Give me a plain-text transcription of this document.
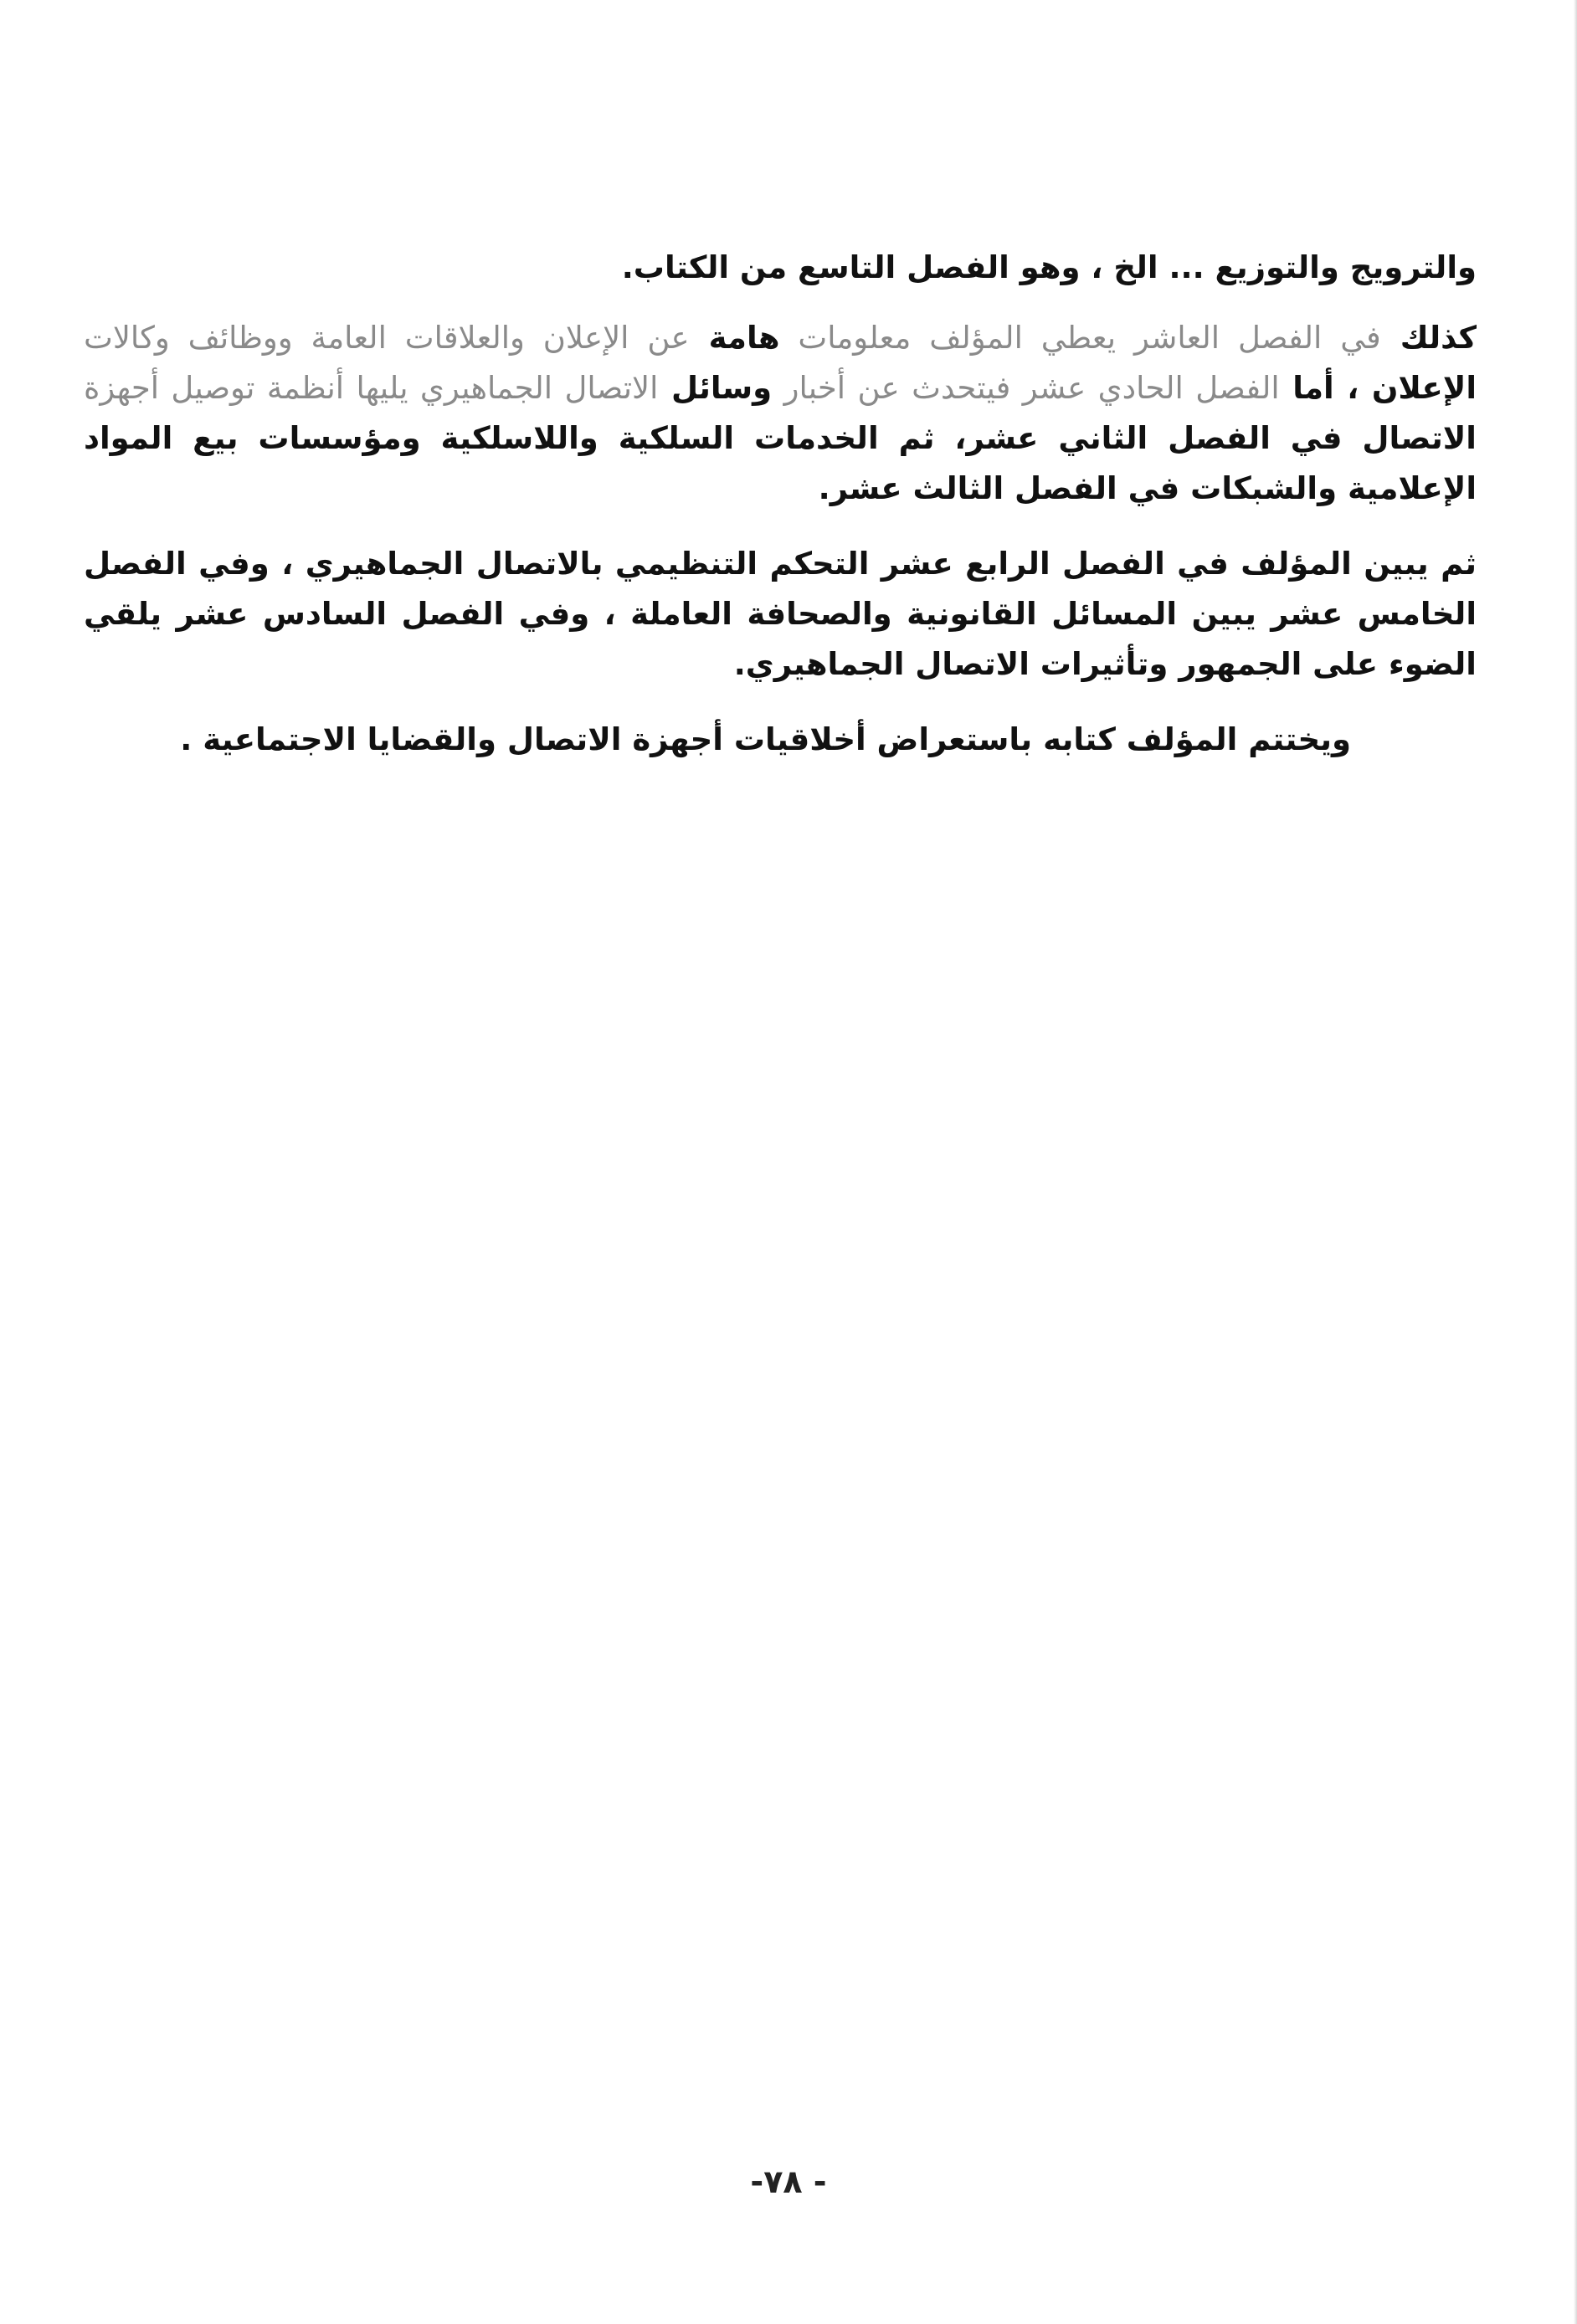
والترويج والتوزيع ... الخ ، وهو الفصل التاسع من الكتاب.

كذلك في الفصل العاشر يعطي المؤلف معلومات هامة عن الإعلان والعلاقات العامة ووظائف وكالات الإعلان ، أما الفصل الحادي عشر فيتحدث عن أخبار وسائل الاتصال الجماهيري يليها أنظمة توصيل أجهزة الاتصال في الفصل الثاني عشر، ثم الخدمات السلكية واللاسلكية ومؤسسات بيع المواد الإعلامية والشبكات في الفصل الثالث عشر.

ثم يبين المؤلف في الفصل الرابع عشر التحكم التنظيمي بالاتصال الجماهيري ، وفي الفصل الخامس عشر يبين المسائل القانونية والصحافة العاملة ، وفي الفصل السادس عشر يلقي الضوء على الجمهور وتأثيرات الاتصال الجماهيري.

ويختتم المؤلف كتابه باستعراض أخلاقيات أجهزة الاتصال والقضايا الاجتماعية .

-٧٨ -
